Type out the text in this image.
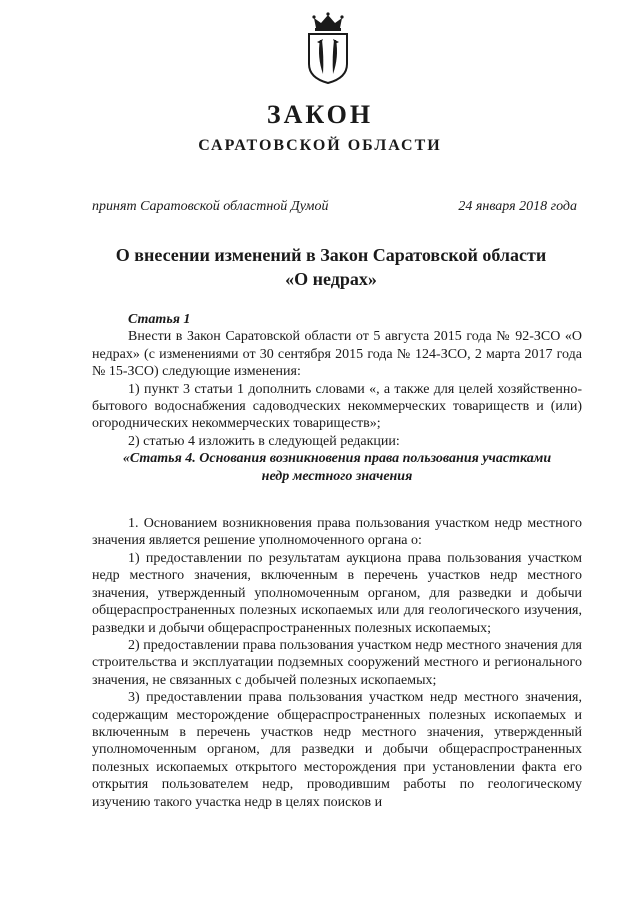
ЗАКОН
САРАТОВСКОЙ ОБЛАСТИ
принят Саратовской областной Думой	24 января 2018 года
О внесении изменений в Закон Саратовской области
«О недрах»

Статья 1

Внести в Закон Саратовской области от 5 августа 2015 года № 92-ЗСО «О недрах» (с изменениями от 30 сентября 2015 года № 124-ЗСО, 2 марта 2017 года № 15-ЗСО) следующие изменения:

1) пункт 3 статьи 1 дополнить словами «, а также для целей хозяйственно-бытового водоснабжения садоводческих некоммерческих товариществ и (или) огороднических некоммерческих товариществ»;

2) статью 4 изложить в следующей редакции:

«Статья 4. Основания возникновения права пользования участками
недр местного значения

1. Основанием возникновения права пользования участком недр местного значения является решение уполномоченного органа о:

1) предоставлении по результатам аукциона права пользования участком недр местного значения, включенным в перечень участков недр местного значения, утвержденный уполномоченным органом, для разведки и добычи общераспространенных полезных ископаемых или для геологического изучения, разведки и добычи общераспространенных полезных ископаемых;

2) предоставлении права пользования участком недр местного значения для строительства и эксплуатации подземных сооружений местного и регионального значения, не связанных с добычей полезных ископаемых;

3) предоставлении права пользования участком недр местного значения, содержащим месторождение общераспространенных полезных ископаемых и включенным в перечень участков недр местного значения, утвержденный уполномоченным органом, для разведки и добычи общераспространенных полезных ископаемых открытого месторождения при установлении факта его открытия пользователем недр, проводившим работы по геологическому изучению такого участка недр в целях поисков и
